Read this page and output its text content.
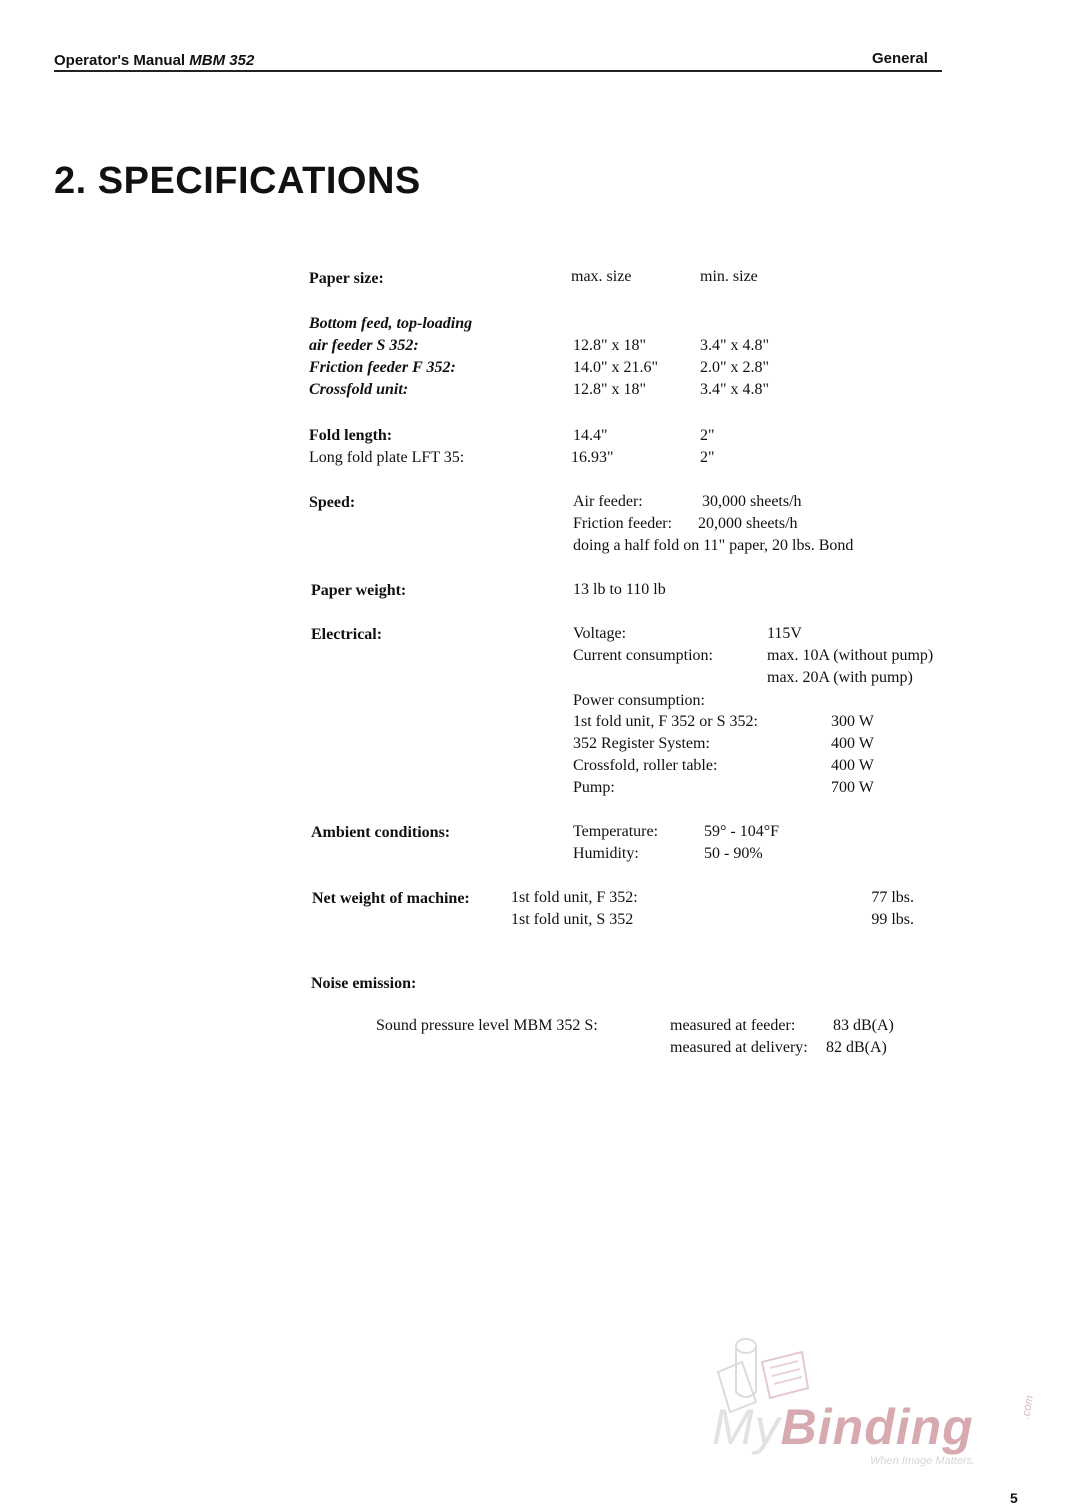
Operator's Manual MBM 352	General
2. SPECIFICATIONS
Paper size:	max. size	min. size
Bottom feed, top-loading
air feeder S 352:	12.8" x 18"	3.4" x 4.8"
Friction feeder F 352:	14.0" x 21.6"	2.0" x 2.8"
Crossfold unit:	12.8" x 18"	3.4" x 4.8"
Fold length:	14.4"	2"
Long fold plate LFT 35:	16.93"	2"
Speed:	Air feeder:	30,000 sheets/h
Friction feeder: 20,000 sheets/h
doing a half fold on 11" paper, 20 lbs. Bond
Paper weight:	13 lb to 110 lb
Electrical:	Voltage:	115V
Current consumption:	max. 10A (without pump)
max. 20A (with pump)
Power consumption:
1st fold unit, F 352 or S 352:	300 W
352 Register System:	400 W
Crossfold, roller table:	400 W
Pump:	700 W
Ambient conditions:	Temperature:	59° - 104°F
Humidity:	50 - 90%
Net weight of machine:	1st fold unit, F 352:	77 lbs.
1st fold unit, S 352	99 lbs.
Noise emission:
Sound pressure level MBM 352 S:	measured at feeder: 83 dB(A)
measured at delivery: 82 dB(A)
MyBinding	.com
When Image Matters.
5
